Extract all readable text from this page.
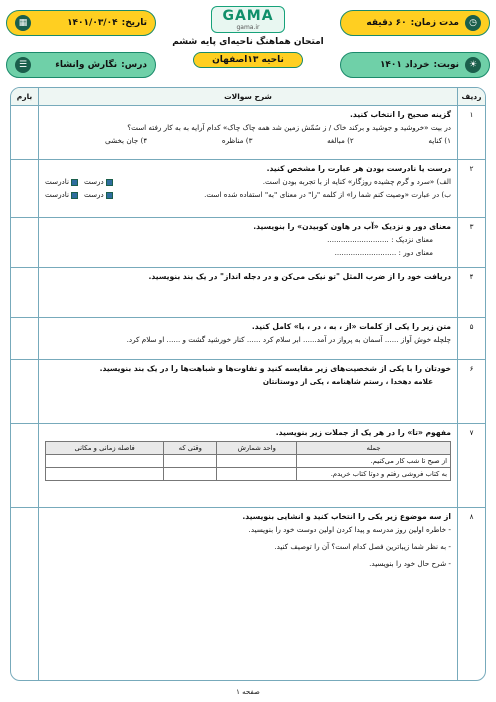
◷
مدت زمان:
۶۰ دقیقه
☀
نوبت:
خرداد ۱۴۰۱
GAMA
gama.ir
امتحان هماهنگ ناحیه‌ای پایه ششم
ناحیه ۱۳اصفهان
تاریخ:
۱۴۰۱/۰۳/۰۴
▦
درس:
نگارش وانشاء
☰
ردیف
شرح سوالات
بارم
۱
گزینه صحیح را انتخاب کنید.
در بیت «خروشید و جوشید و برکند خاک / ز سُمّش زمین شد همه چاک چاک» کدام آرایه به به کار رفته است؟
۱) کنایه
۲) مبالغه
۳) مناظره
۴) جان بخشی
۲
درست یا نادرست بودن هر عبارت را مشخص کنید.
الف) «سرد و گرم چشیده روزگار» کنایه از با تجربه بودن است.
درست
نادرست
ب) در عبارت «وصیت کنم شما را» از کلمه "را" در معنای "به" استفاده شده است.
درست
نادرست
۳
معنای دور و نزدیک «آب در هاون کوبیدن» را بنویسید.
معنای نزدیک : ...........................
معنای دور : ...........................
۴
دریافت خود را از ضرب المثل "تو نیکی می‌کن و در دجله انداز" در یک بند بنویسید.
۵
متن زیر را یکی از کلمات «از ، به ، در ، با» کامل کنید.
چلچله خوش آواز ...... آسمان به پرواز در آمد...... ابر سلام کرد ...... کنار خورشید گشت و ...... او سلام کرد.
۶
خودتان را با یکی از شخصیت‌های زیر مقایسه کنید و تفاوت‌ها و شباهت‌ها را در یک بند بنویسید.
علامه دهخدا ، رستم شاهنامه ، یکی از دوستانتان
۷
مفهوم «تا» را در هر یک از جملات زیر بنویسید.
جمله	واحد شمارش	وقتی که	فاصله زمانی و مکانی
از صبح تا شب کار می‌کنیم.			
به کتاب فروشی رفتم و دوتا کتاب خریدم.			
۸
از سه موضوع زیر یکی را انتخاب کنید و انشایی بنویسید.
- خاطره اولین روز مدرسه و پیدا کردن اولین دوست خود را بنویسید.
- به نظر شما زیباترین فصل کدام است؟ آن را توصیف کنید.
- شرح حال خود را بنویسید.
صفحه ۱
